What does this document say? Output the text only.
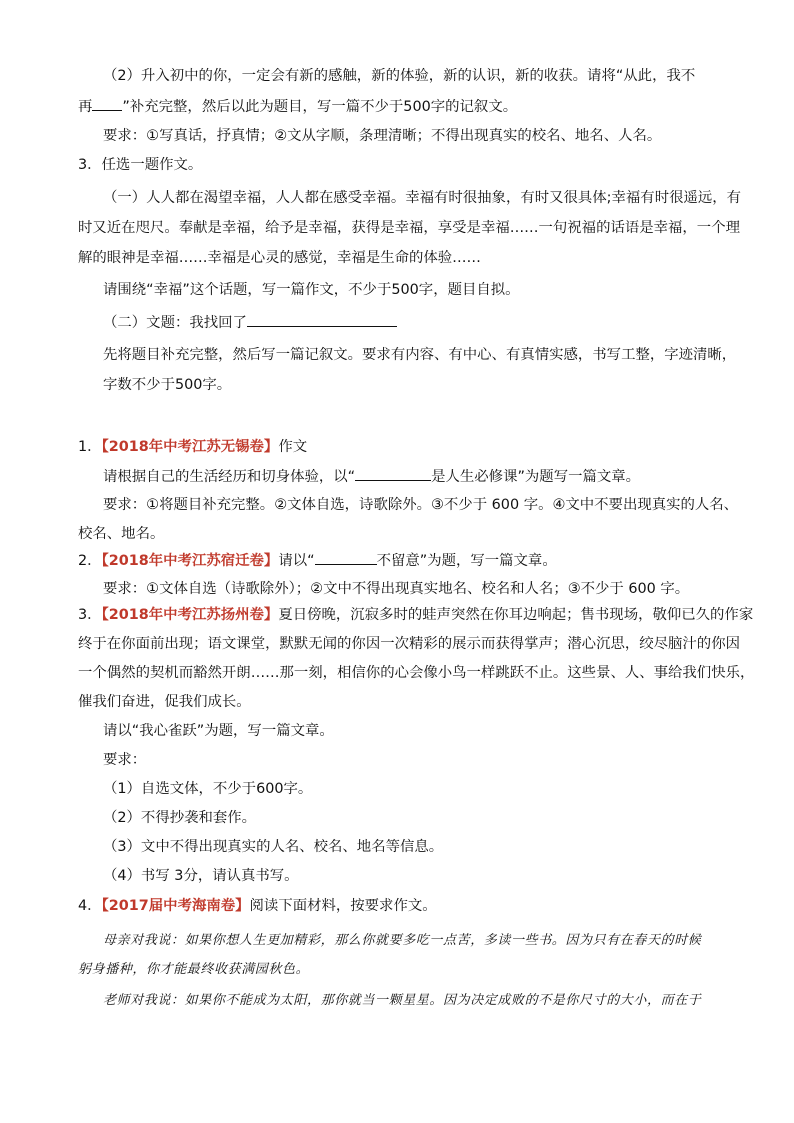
（2）升入初中的你，一定会有新的感触，新的体验，新的认识，新的收获。请将“从此，我不
再 ”补充完整，然后以此为题目，写一篇不少于500字的记叙文。
要求：①写真话，抒真情；②文从字顺，条理清晰；不得出现真实的校名、地名、人名。
3．任选一题作文。
（一）人人都在渴望幸福，人人都在感受幸福。幸福有时很抽象，有时又很具体;幸福有时很遥远，有
时又近在咫尺。奉献是幸福，给予是幸福，获得是幸福，享受是幸福……一句祝福的话语是幸福，一个理
解的眼神是幸福……幸福是心灵的感觉，幸福是生命的体验……
请围绕“幸福”这个话题，写一篇作文，不少于500字，题目自拟。
（二）文题：我找回了
先将题目补充完整，然后写一篇记叙文。要求有内容、有中心、有真情实感，书写工整，字迹清晰，
字数不少于500字。
1．【2018年中考江苏无锡卷】作文
请根据自己的生活经历和切身体验，以“	是人生必修课”为题写一篇文章。
要求：①将题目补充完整。②文体自选，诗歌除外。③不少于 600 字。④文中不要出现真实的人名、
校名、地名。
2．【2018年中考江苏宿迁卷】请以“	不留意”为题，写一篇文章。
要求：①文体自选（诗歌除外）；②文中不得出现真实地名、校名和人名；③不少于 600 字。
3．【2018年中考江苏扬州卷】夏日傍晚，沉寂多时的蛙声突然在你耳边响起；售书现场，敬仰已久的作家
终于在你面前出现；语文课堂，默默无闻的你因一次精彩的展示而获得掌声；潜心沉思，绞尽脑汁的你因
一个偶然的契机而豁然开朗……那一刻，相信你的心会像小鸟一样跳跃不止。这些景、人、事给我们快乐，
催我们奋进，促我们成长。
请以“我心雀跃”为题，写一篇文章。
要求：
（1）自选文体，不少于600字。
（2）不得抄袭和套作。
（3）文中不得出现真实的人名、校名、地名等信息。
（4）书写 3分，请认真书写。
4．【2017届中考海南卷】阅读下面材料，按要求作文。
母亲对我说：如果你想人生更加精彩，那么你就要多吃一点苦，多读一些书。因为只有在春天的时候
躬身播种，你才能最终收获满园秋色。
老师对我说：如果你不能成为太阳，那你就当一颗星星。因为决定成败的不是你尺寸的大小，而在于
